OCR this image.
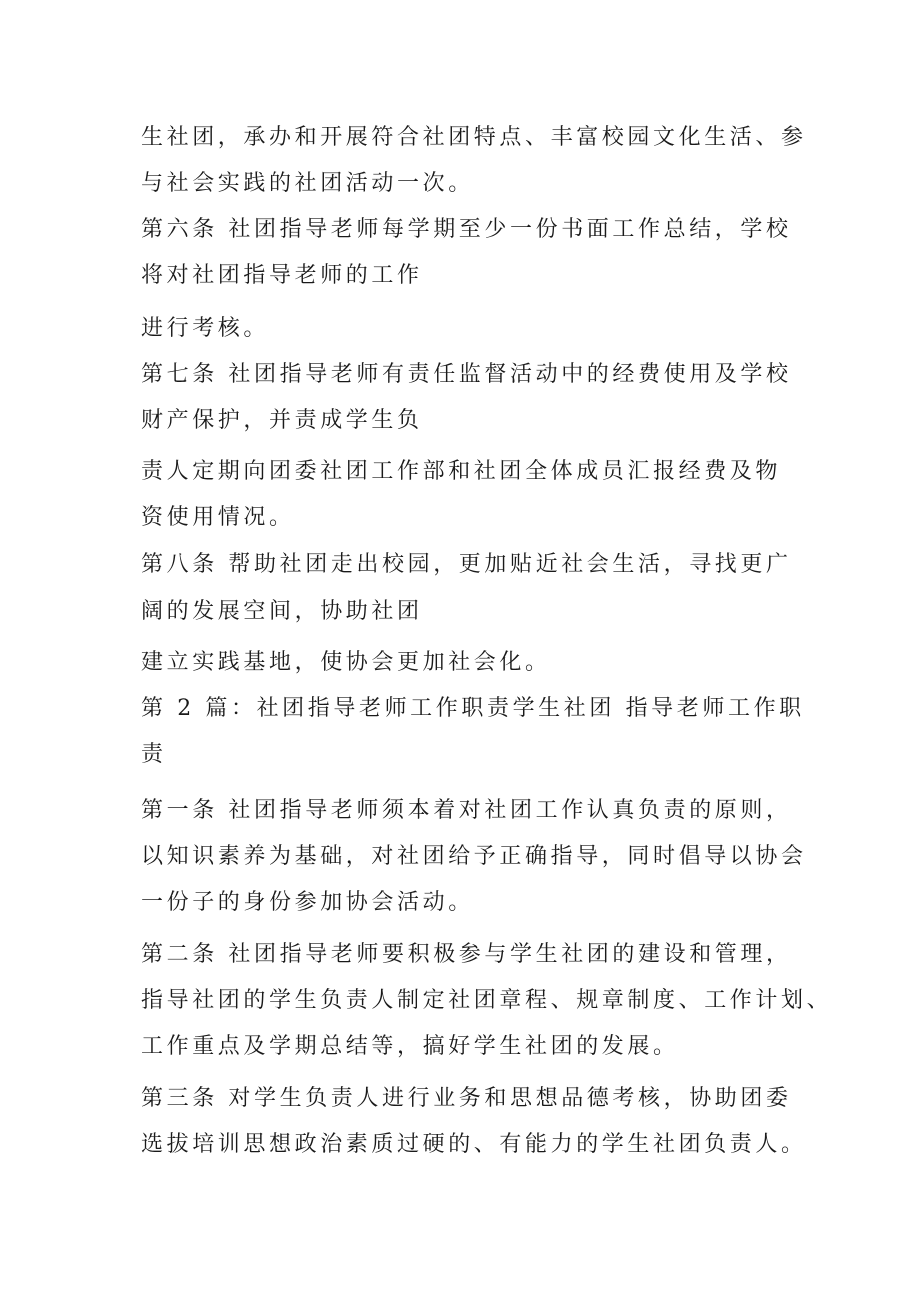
生社团，承办和开展符合社团特点、丰富校园文化生活、参
与社会实践的社团活动一次。
第六条 社团指导老师每学期至少一份书面工作总结，学校
将对社团指导老师的工作
进行考核。
第七条 社团指导老师有责任监督活动中的经费使用及学校
财产保护，并责成学生负
责人定期向团委社团工作部和社团全体成员汇报经费及物
资使用情况。
第八条 帮助社团走出校园，更加贴近社会生活，寻找更广
阔的发展空间，协助社团
建立实践基地，使协会更加社会化。
第 2 篇：社团指导老师工作职责学生社团 指导老师工作职
责
第一条 社团指导老师须本着对社团工作认真负责的原则，
以知识素养为基础，对社团给予正确指导，同时倡导以协会
一份子的身份参加协会活动。
第二条 社团指导老师要积极参与学生社团的建设和管理，
指导社团的学生负责人制定社团章程、规章制度、工作计划、
工作重点及学期总结等，搞好学生社团的发展。
第三条 对学生负责人进行业务和思想品德考核，协助团委
选拔培训思想政治素质过硬的、有能力的学生社团负责人。
